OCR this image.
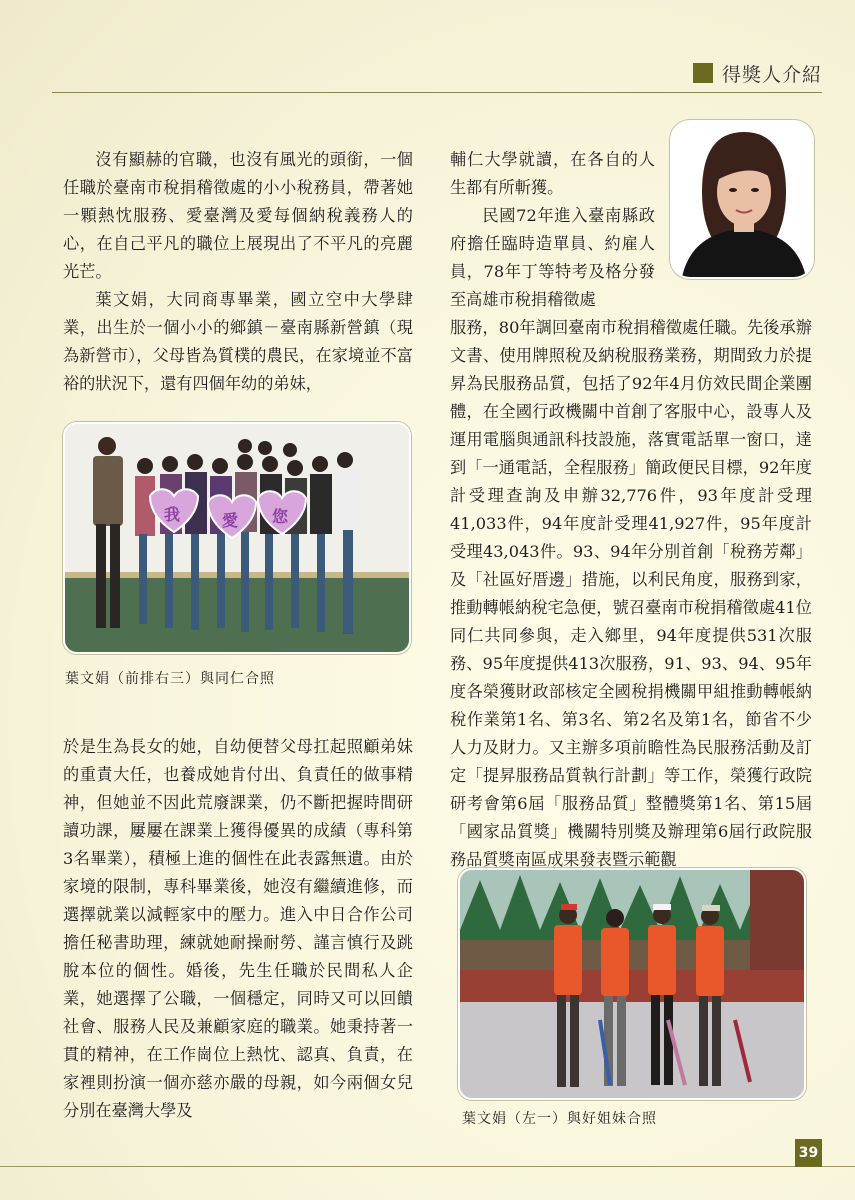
得獎人介紹

沒有顯赫的官職，也沒有風光的頭銜，一個任職於臺南市稅捐稽徵處的小小稅務員，帶著她一顆熱忱服務、愛臺灣及愛每個納稅義務人的心，在自己平凡的職位上展現出了不平凡的亮麗光芒。

葉文娟，大同商專畢業，國立空中大學肆業，出生於一個小小的鄉鎮－臺南縣新營鎮（現為新營市），父母皆為質樸的農民，在家境並不富裕的狀況下，還有四個年幼的弟妹，

我	愛 您
葉文娟（前排右三）與同仁合照

於是生為長女的她，自幼便替父母扛起照顧弟妹的重責大任，也養成她肯付出、負責任的做事精神，但她並不因此荒廢課業，仍不斷把握時間研讀功課，屢屢在課業上獲得優異的成績（專科第3名畢業），積極上進的個性在此表露無遺。由於家境的限制，專科畢業後，她沒有繼續進修，而選擇就業以減輕家中的壓力。進入中日合作公司擔任秘書助理，練就她耐操耐勞、謹言慎行及跳脫本位的個性。婚後，先生任職於民間私人企業，她選擇了公職，一個穩定，同時又可以回饋社會、服務人民及兼顧家庭的職業。她秉持著一貫的精神，在工作崗位上熱忱、認真、負責，在家裡則扮演一個亦慈亦嚴的母親，如今兩個女兒分別在臺灣大學及

輔仁大學就讀，在各自的人生都有所斬獲。

民國72年進入臺南縣政府擔任臨時造單員、約雇人員，78年丁等特考及格分發至高雄市稅捐稽徵處

服務，80年調回臺南市稅捐稽徵處任職。先後承辦文書、使用牌照稅及納稅服務業務，期間致力於提昇為民服務品質，包括了92年4月仿效民間企業團體，在全國行政機關中首創了客服中心，設專人及運用電腦與通訊科技設施，落實電話單一窗口，達到「一通電話，全程服務」簡政便民目標，92年度計受理查詢及申辦32,776件，93年度計受理41,033件，94年度計受理41,927件，95年度計受理43,043件。93、94年分別首創「稅務芳鄰」及「社區好厝邊」措施，以利民角度，服務到家，推動轉帳納稅宅急便，號召臺南市稅捐稽徵處41位同仁共同參與，走入鄉里，94年度提供531次服務、95年度提供413次服務，91、93、94、95年度各榮獲財政部核定全國稅捐機關甲組推動轉帳納稅作業第1名、第3名、第2名及第1名，節省不少人力及財力。又主辦多項前瞻性為民服務活動及訂定「提昇服務品質執行計劃」等工作，榮獲行政院研考會第6屆「服務品質」整體獎第1名、第15屆「國家品質獎」機關特別獎及辦理第6屆行政院服務品質獎南區成果發表暨示範觀

葉文娟（左一）與好姐妹合照
39
